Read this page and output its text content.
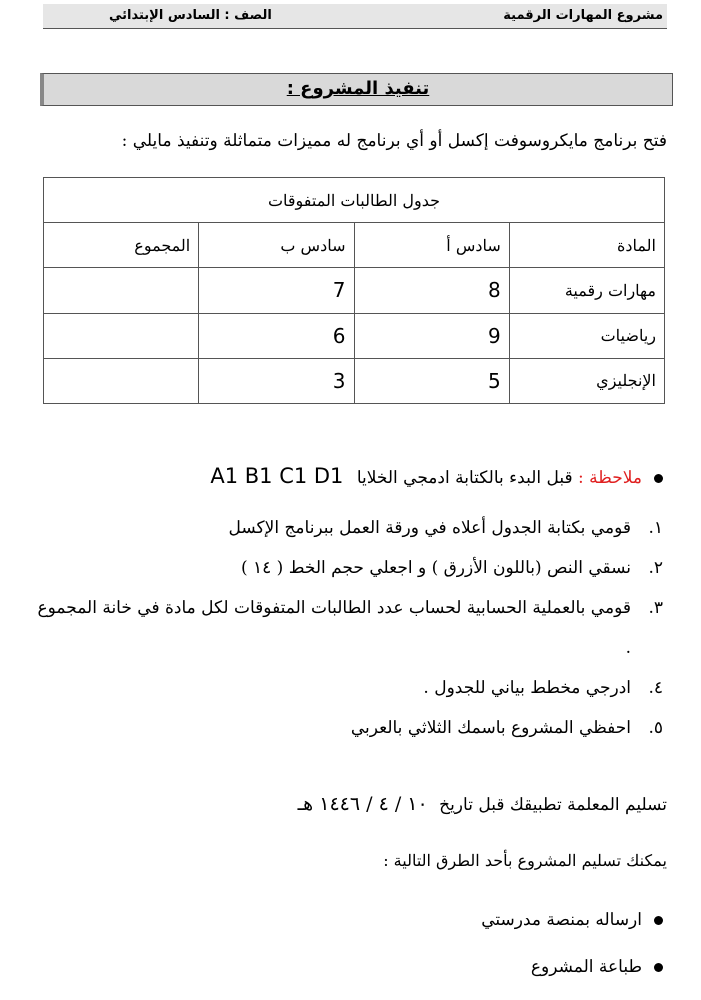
مشروع المهارات الرقمية
الصف : السادس الإبتدائي
تنفيذ المشروع :
فتح برنامج مايكروسوفت إكسل أو أي برنامج له مميزات متماثلة وتنفيذ مايلي :
جدول الطالبات المتفوقات			
المادة	سادس أ	سادس ب	المجموع
مهارات رقمية	8	7	
رياضيات	9	6	
الإنجليزي	5	3	
ملاحظة : قبل البدء بالكتابة ادمجي الخلايا A1 B1 C1 D1
١.
قومي بكتابة الجدول أعلاه في ورقة العمل ببرنامج الإكسل
٢.
نسقي النص (باللون الأزرق ) و اجعلي حجم الخط ( ١٤ )
٣.
قومي بالعملية الحسابية لحساب عدد الطالبات المتفوقات لكل مادة في خانة المجموع .
٤.
ادرجي مخطط بياني للجدول .
٥.
احفظي المشروع باسمك الثلاثي بالعربي
تسليم المعلمة تطبيقك قبل تاريخ ١٠ / ٤ / ١٤٤٦ هـ
يمكنك تسليم المشروع بأحد الطرق التالية :
ارساله بمنصة مدرستي
طباعة المشروع
